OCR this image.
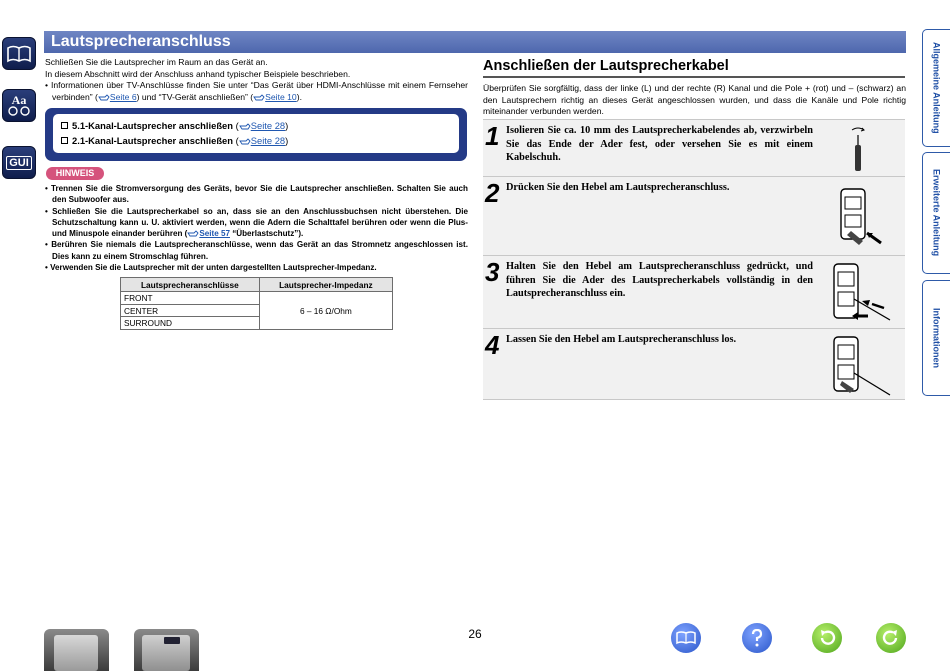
Aa
GUI
Lautsprecheranschluss

Schließen Sie die Lautsprecher im Raum an das Gerät an.

In diesem Abschnitt wird der Anschluss anhand typischer Beispiele beschrieben.

• Informationen über TV-Anschlüsse finden Sie unter “Das Gerät über HDMI-Anschlüsse mit einem Fernseher verbinden” ( Seite 6) und “TV-Gerät anschließen” ( Seite 10).

5.1-Kanal-Lautsprecher anschließen ( Seite 28)
2.1-Kanal-Lautsprecher anschließen ( Seite 28)
HINWEIS

• Trennen Sie die Stromversorgung des Geräts, bevor Sie die Lautsprecher anschließen. Schalten Sie auch den Subwoofer aus.

• Schließen Sie die Lautsprecherkabel so an, dass sie an den Anschlussbuchsen nicht überstehen. Die Schutzschaltung kann u. U. aktiviert werden, wenn die Adern die Schalttafel berühren oder wenn die Plus- und Minuspole einander berühren ( Seite 57 “Überlastschutz”).

• Berühren Sie niemals die Lautsprecheranschlüsse, wenn das Gerät an das Stromnetz angeschlossen ist. Dies kann zu einem Stromschlag führen.

• Verwenden Sie die Lautsprecher mit der unten dargestellten Lautsprecher-Impedanz.

Lautsprecheranschlüsse	Lautsprecher-Impedanz
FRONT	6 – 16 Ω/Ohm
CENTER	
SURROUND	
Anschließen der Lautsprecherkabel
Überprüfen Sie sorgfältig, dass der linke (L) und der rechte (R) Kanal und die Pole + (rot) und – (schwarz) an den Lautsprechern richtig an dieses Gerät angeschlossen wurden, und dass die Kanäle und Pole richtig miteinander verbunden werden.
1 Isolieren Sie ca. 10 mm des Lautsprecherkabelendes ab, verzwirbeln Sie das Ende der Ader fest, oder versehen Sie es mit einem Kabelschuh.
2 Drücken Sie den Hebel am Lautsprecheranschluss.
3 Halten Sie den Hebel am Lautsprecheranschluss gedrückt, und führen Sie die Ader des Lautsprecherkabels vollständig in den Lautsprecheranschluss ein.
4 Lassen Sie den Hebel am Lautsprecheranschluss los.
Allgemeine Anleitung
Erweiterte Anleitung
Informationen
26
